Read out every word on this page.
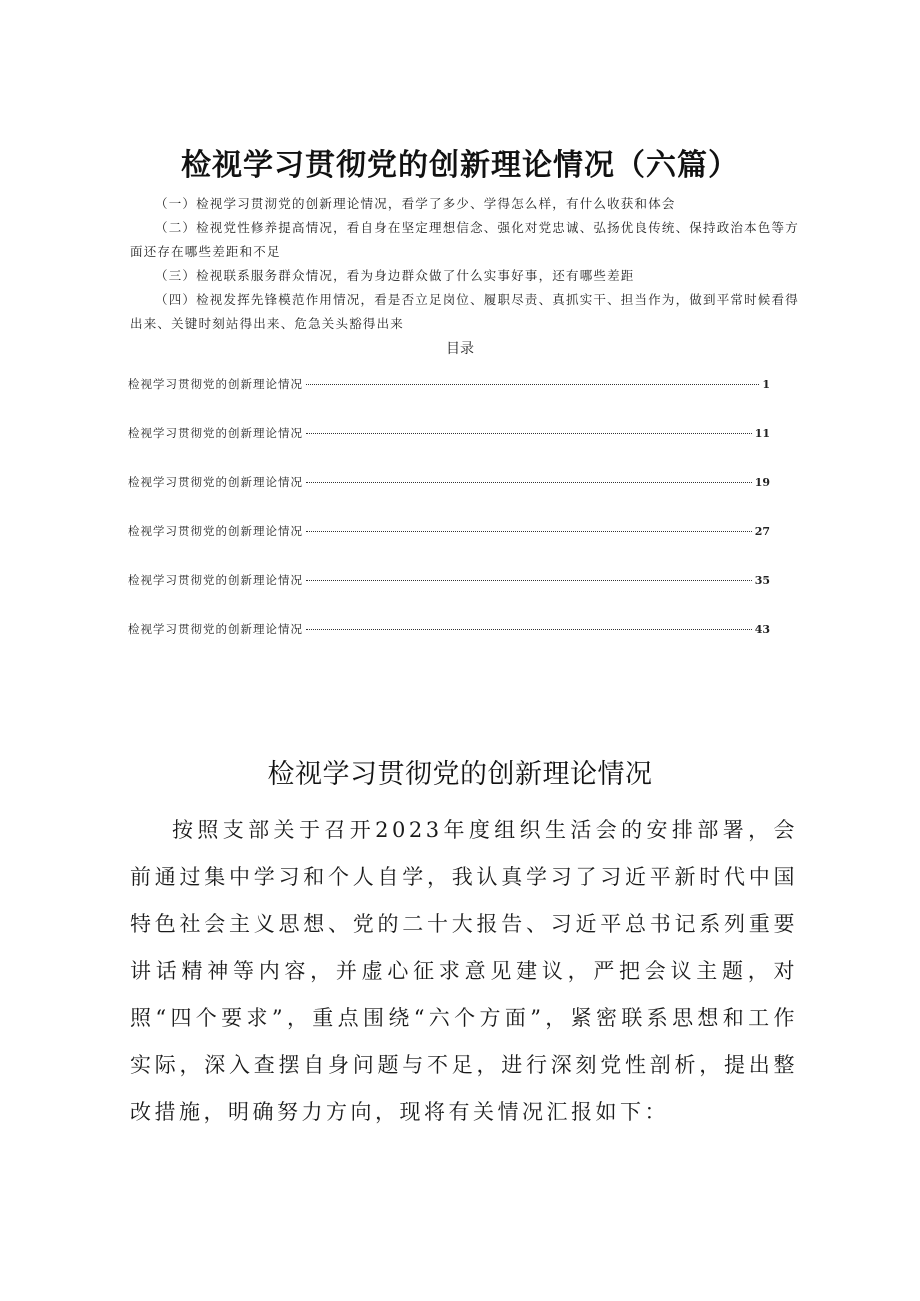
检视学习贯彻党的创新理论情况（六篇）

（一）检视学习贯沏党的创新理论情况，看学了多少、学得怎么样，有什么收获和体会

（二）检视党性修养提高情况，看自身在坚定理想信念、强化对党忠诚、弘扬优良传统、保持政治本色等方面还存在哪些差距和不足

（三）检视联系服务群众情况，看为身边群众做了什么实事好事，还有哪些差距

（四）检视发挥先锋模范作用情况，看是否立足岗位、履职尽责、真抓实干、担当作为，做到平常时候看得出来、关键时刻站得出来、危急关头豁得出来

目录
检视学习贯彻党的创新理论情况	1
检视学习贯彻党的创新理论情况	11
检视学习贯彻党的创新理论情况	19
检视学习贯彻党的创新理论情况	27
检视学习贯彻党的创新理论情况	35
检视学习贯彻党的创新理论情况	43
检视学习贯彻党的创新理论情况

按照支部关于召开2023年度组织生活会的安排部署，会前通过集中学习和个人自学，我认真学习了习近平新时代中国特色社会主义思想、党的二十大报告、习近平总书记系列重要讲话精神等内容，并虚心征求意见建议，严把会议主题，对照“四个要求”，重点围绕“六个方面”，紧密联系思想和工作实际，深入查摆自身问题与不足，进行深刻党性剖析，提出整改措施，明确努力方向，现将有关情况汇报如下：
